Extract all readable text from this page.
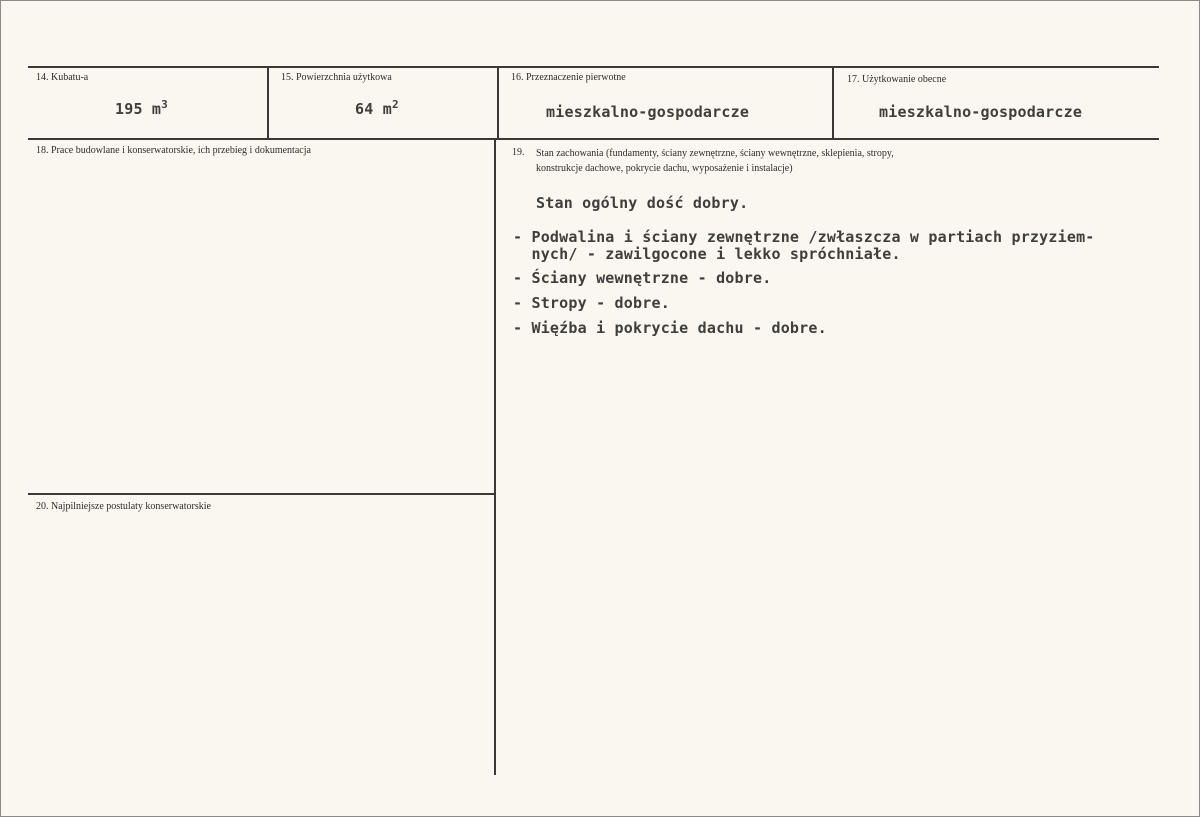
14. Kubatu-a
195 $m^3$
15. Powierzchnia użytkowa
64 $m^2$
16. Przeznaczenie pierwotne
mieszkalno-gospodarcze
17. Użytkowanie obecne
mieszkalno-gospodarcze
18. Prace budowlane i konserwatorskie, ich przebieg i dokumentacja	19. Stan zachowania (fundamenty, ściany zewnętrzne, ściany wewnętrzne, sklepienia, stropy,
konstrukcje dachowe, pokrycie dachu, wyposażenie i instalacje)
Stan ogólny dość dobry.
- Podwalina i ściany zewnętrzne /zwłaszcza w partiach przyziem-
nych/ - zawilgocone i lekko spróchniałe.
- Ściany wewnętrzne - dobre.
- Stropy - dobre.
- Więźba i pokrycie dachu - dobre.
20. Najpilniejsze postulaty konserwatorskie
